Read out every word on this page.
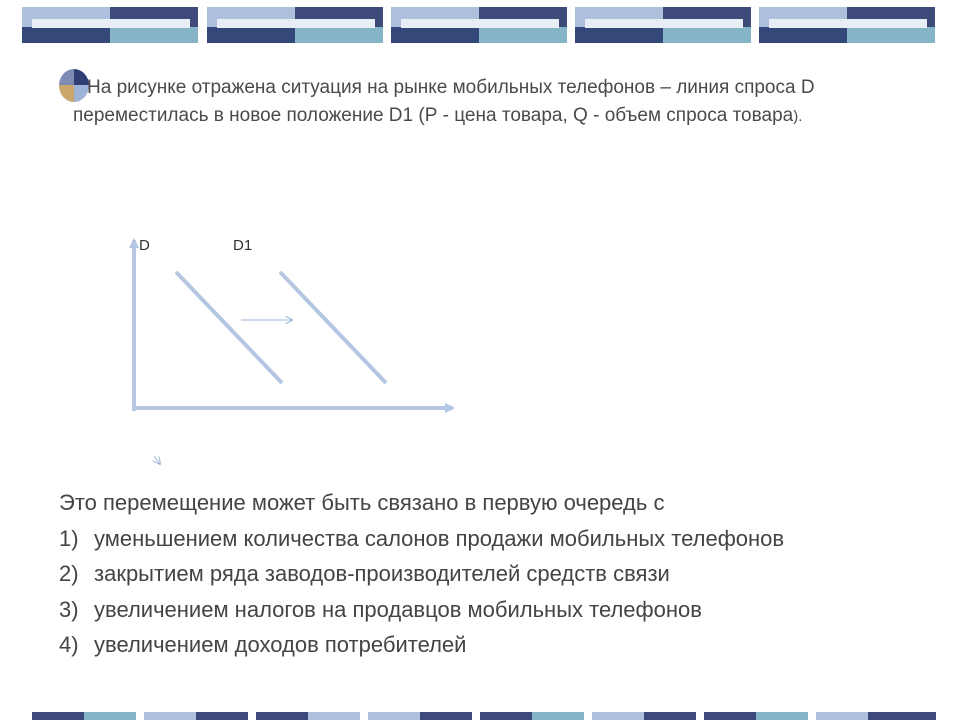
На рисунке отражена ситуация на рынке мобильных телефонов – линия спроса D переместилась в новое положение D1 (Р - цена товара, Q - объем спроса товара).

D	D1

Это перемещение может быть связано в первую очередь с

1) уменьшением количества салонов продажи мобильных телефонов

2) закрытием ряда заводов-производителей средств связи

3) увеличением налогов на продавцов мобильных телефонов

4) увеличением доходов потребителей
